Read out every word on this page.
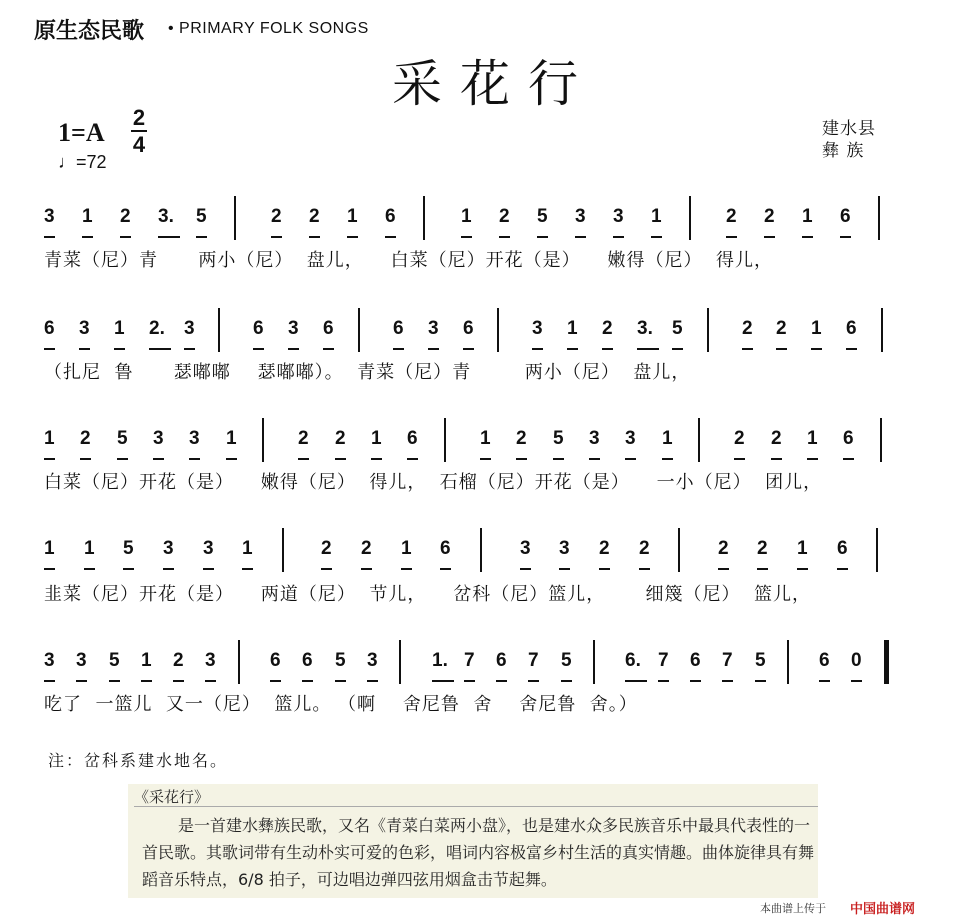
原生态民歌 • PRIMARY FOLK SONGS
采花行
1=A
2
4
♩=72
建水县
彝 族
3 1 2 3. 5	2 2 1 6	1 2 5 3 3 1	2 2 1 6
6 3 1 2. 3	6 3 6	6 3 6	3 1 2 3. 5	2 2 1 6
1 2 5 3 3 1	2 2 1 6	1 2 5 3 3 1	2 2 1 6
1 1 5 3 3 1	2 2 1 6	3 3 2 2	2 2 1 6
3 3 5 1 2 3	6 6 5 3	1. 7 6 7 5	6. 7 6 7 5	6 0
青菜（尼）青      两小（尼）  盘儿，    白菜（尼）开花（是）    嫩得（尼）  得儿，
（扎尼  鲁      瑟嘟嘟    瑟嘟嘟）。  青菜（尼）青        两小（尼）  盘儿，
白菜（尼）开花（是）    嫩得（尼）  得儿，  石榴（尼）开花（是）    一小（尼）  团儿，
韭菜（尼）开花（是）    两道（尼）  节儿，    岔科（尼）篮儿，      细篾（尼）  篮儿，
吃了  一篮儿  又一（尼）  篮儿。 （啊    舍尼鲁  舍    舍尼鲁  舍。）
注：岔科系建水地名。
《采花行》
是一首建水彝族民歌，又名《青菜白菜两小盘》，也是建水众多民族音乐中最具代表性的一首民歌。其歌词带有生动朴实可爱的色彩，唱词内容极富乡村生活的真实情趣。曲体旋律具有舞蹈音乐特点，6/8 拍子，可边唱边弹四弦用烟盒击节起舞。
本曲谱上传于 中国曲谱网
